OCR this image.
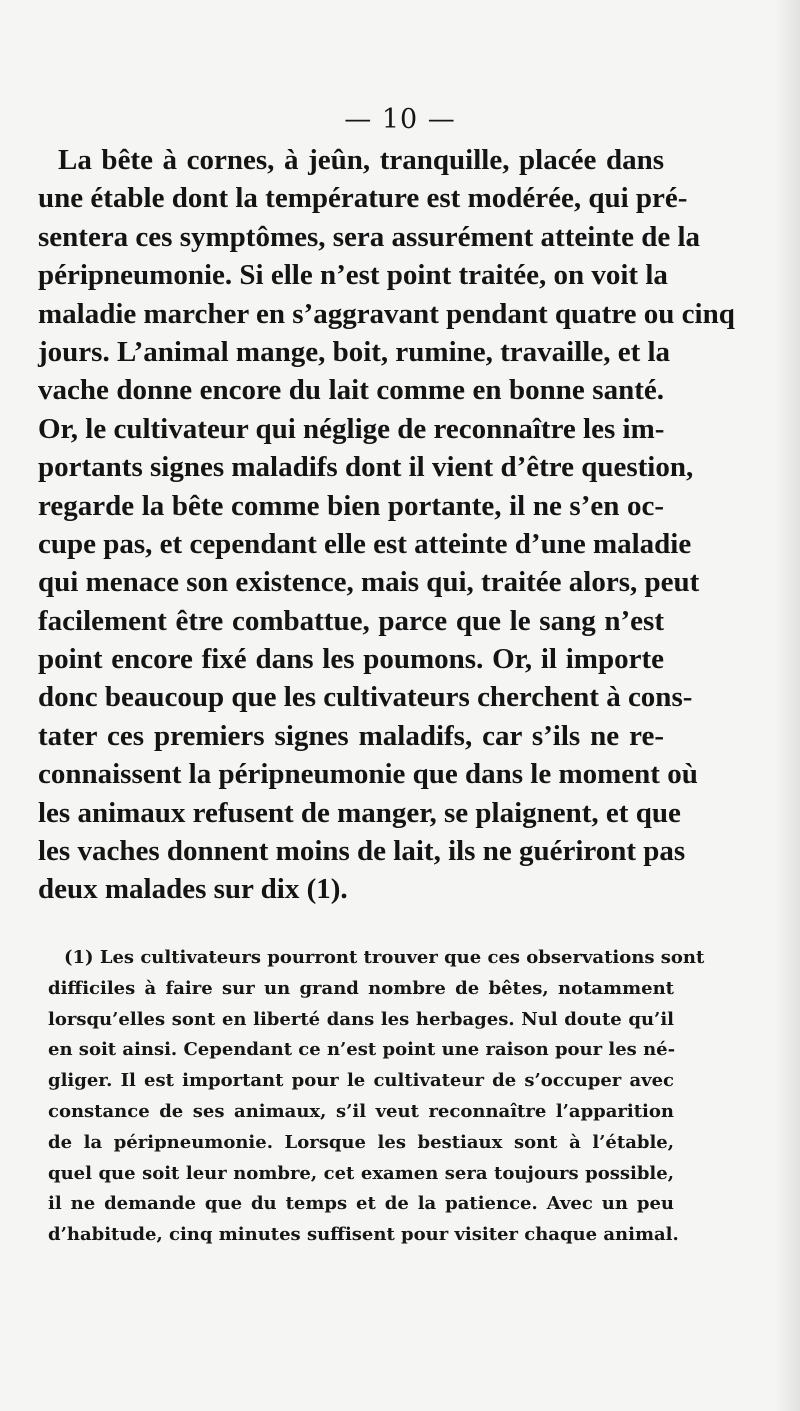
— 10 —
La bête à cornes, à jeûn, tranquille, placée dans
une étable dont la température est modérée, qui pré-
sentera ces symptômes, sera assurément atteinte de la
péripneumonie. Si elle n’est point traitée, on voit la
maladie marcher en s’aggravant pendant quatre ou cinq
jours. L’animal mange, boit, rumine, travaille, et la
vache donne encore du lait comme en bonne santé.
Or, le cultivateur qui néglige de reconnaître les im-
portants signes maladifs dont il vient d’être question,
regarde la bête comme bien portante, il ne s’en oc-
cupe pas, et cependant elle est atteinte d’une maladie
qui menace son existence, mais qui, traitée alors, peut
facilement être combattue, parce que le sang n’est
point encore fixé dans les poumons. Or, il importe
donc beaucoup que les cultivateurs cherchent à cons-
tater ces premiers signes maladifs, car s’ils ne re-
connaissent la péripneumonie que dans le moment où
les animaux refusent de manger, se plaignent, et que
les vaches donnent moins de lait, ils ne guériront pas
deux malades sur dix (1).
(1) Les cultivateurs pourront trouver que ces observations sont
difficiles à faire sur un grand nombre de bêtes, notamment
lorsqu’elles sont en liberté dans les herbages. Nul doute qu’il
en soit ainsi. Cependant ce n’est point une raison pour les né-
gliger. Il est important pour le cultivateur de s’occuper avec
constance de ses animaux, s’il veut reconnaître l’apparition
de la péripneumonie. Lorsque les bestiaux sont à l’étable,
quel que soit leur nombre, cet examen sera toujours possible,
il ne demande que du temps et de la patience. Avec un peu
d’habitude, cinq minutes suffisent pour visiter chaque animal.
